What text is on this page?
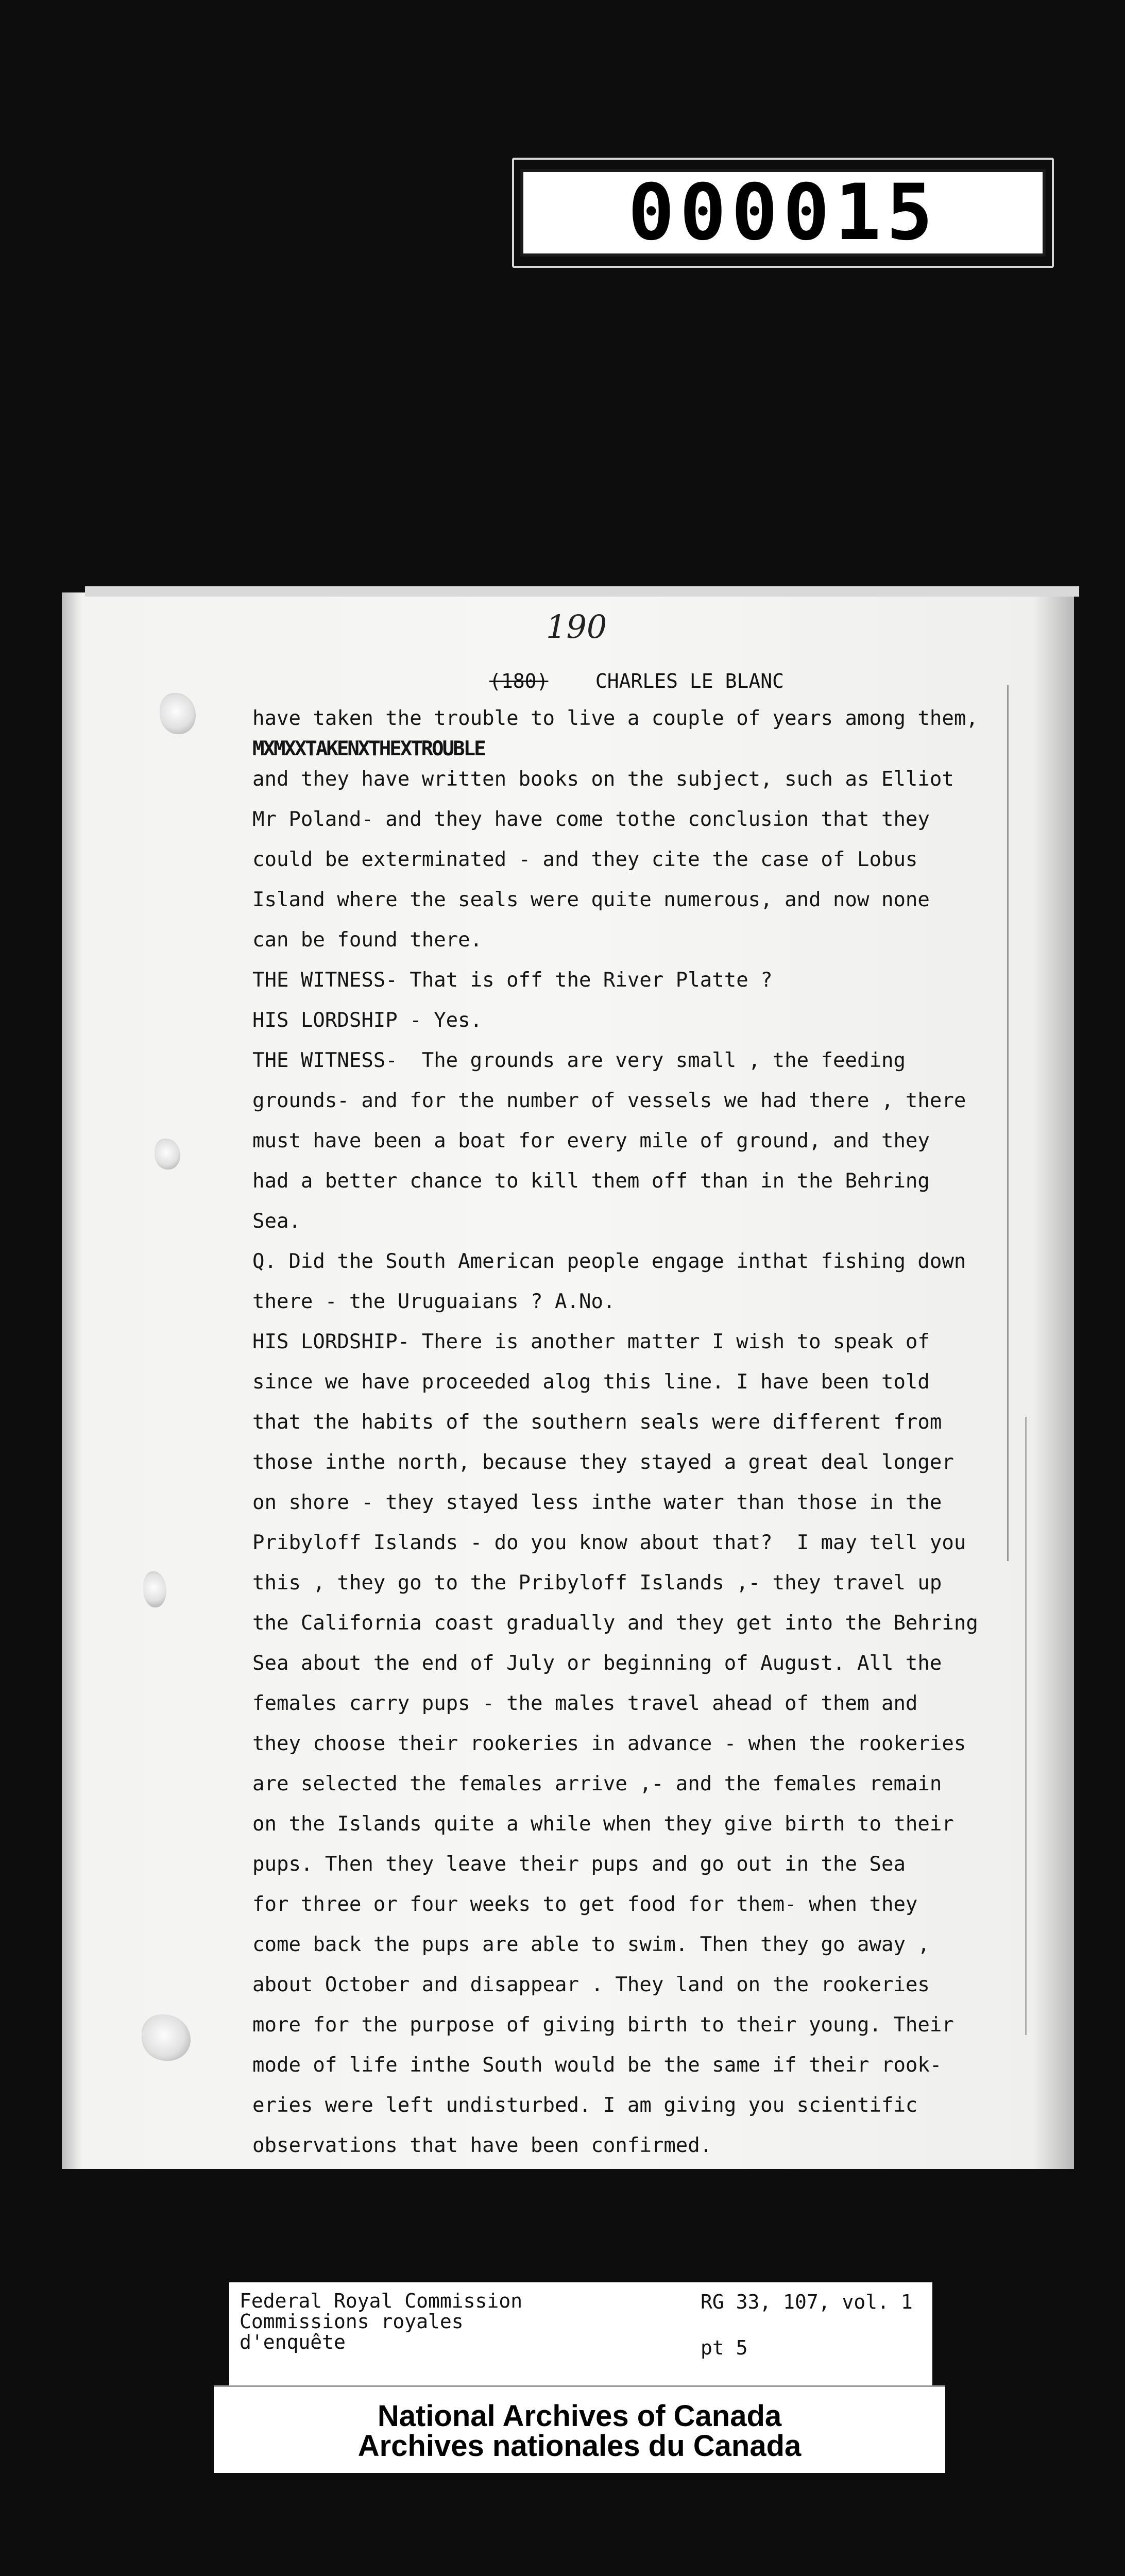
000015
190
(180) CHARLES LE BLANC
have taken the trouble to live a couple of years among them,
MXMXXTAKENXTHEXTROUBLE
and they have written books on the subject, such as Elliot
Mr Poland- and they have come tothe conclusion that they
could be exterminated - and they cite the case of Lobus
Island where the seals were quite numerous, and now none
can be found there.
THE WITNESS- That is off the River Platte ?
HIS LORDSHIP - Yes.
THE WITNESS-  The grounds are very small , the feeding
grounds- and for the number of vessels we had there , there
must have been a boat for every mile of ground, and they
had a better chance to kill them off than in the Behring
Sea.
Q. Did the South American people engage inthat fishing down
there - the Uruguaians ? A.No.
HIS LORDSHIP- There is another matter I wish to speak of
since we have proceeded alog this line. I have been told
that the habits of the southern seals were different from
those inthe north, because they stayed a great deal longer
on shore - they stayed less inthe water than those in the
Pribyloff Islands - do you know about that?  I may tell you
this , they go to the Pribyloff Islands ,- they travel up
the California coast gradually and they get into the Behring
Sea about the end of July or beginning of August. All the
females carry pups - the males travel ahead of them and
they choose their rookeries in advance - when the rookeries
are selected the females arrive ,- and the females remain
on the Islands quite a while when they give birth to their
pups. Then they leave their pups and go out in the Sea
for three or four weeks to get food for them- when they
come back the pups are able to swim. Then they go away ,
about October and disappear . They land on the rookeries
more for the purpose of giving birth to their young. Their
mode of life inthe South would be the same if their rook-
eries were left undisturbed. I am giving you scientific
observations that have been confirmed.
Federal Royal Commission
Commissions royales
d'enquête
RG 33, 107, vol. 1
pt 5
National Archives of Canada
Archives nationales du Canada
